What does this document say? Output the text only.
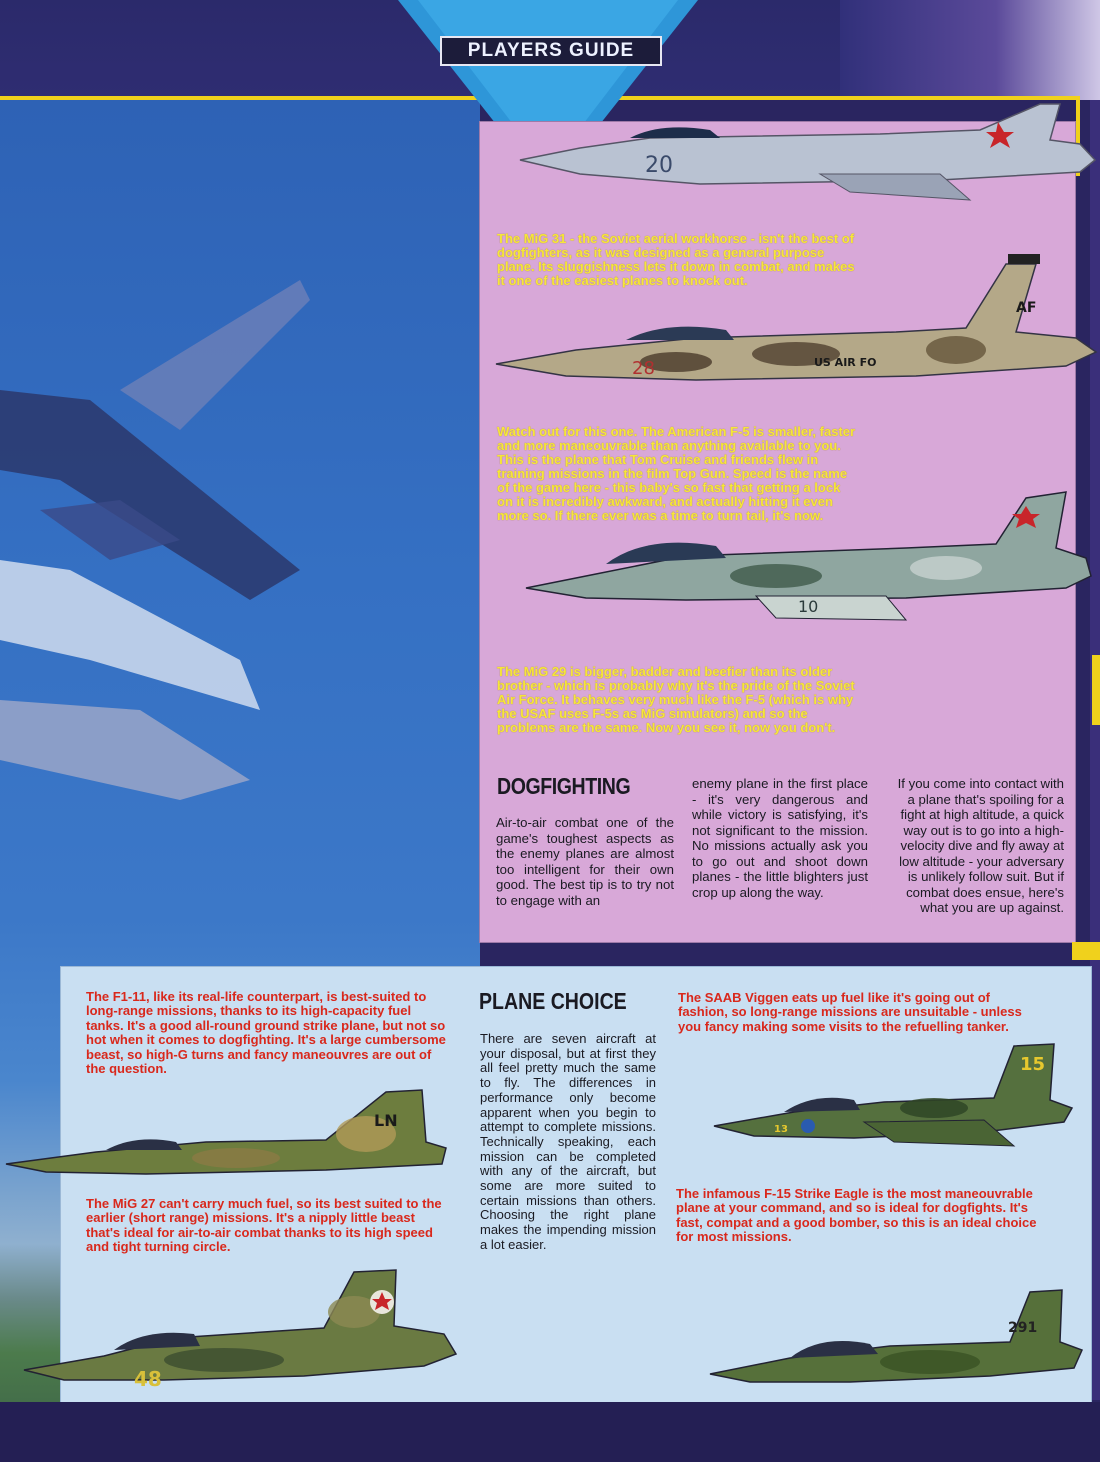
PLAYERS GUIDE
20

The MiG 31 - the Soviet aerial workhorse - isn't the best of dogfighters, as it was designed as a general purpose plane. Its sluggishness lets it down in combat, and makes it one of the easiest planes to knock out.

28	US AIR FO
AF

Watch out for this one. The American F-5 is smaller, faster and more maneouvrable than anything available to you. This is the plane that Tom Cruise and friends flew in training missions in the film Top Gun. Speed is the name of the game here - this baby's so fast that getting a lock on it is incredibly awkward, and actually hitting it even more so. If there ever was a time to turn tail, it's now.

10

The MiG 29 is bigger, badder and beefier than its older brother - which is probably why it's the pride of the Soviet Air Force. It behaves very much like the F-5 (which is why the USAF uses F-5s as MiG simulators) and so the problems are the same. Now you see it, now you don't.

DOGFIGHTING

Air-to-air combat one of the game's toughest aspects as the enemy planes are almost too intelligent for their own good. The best tip is to try not to engage with an

enemy plane in the first place - it's very dangerous and while victory is satisfying, it's not significant to the mission. No missions actually ask you to go out and shoot down planes - the little blighters just crop up along the way.

If you come into contact with a plane that's spoiling for a fight at high altitude, a quick way out is to go into a high-velocity dive and fly away at low altitude - your adversary is unlikely follow suit. But if combat does ensue, here's what you are up against.

The F1-11, like its real-life counterpart, is best-suited to long-range missions, thanks to its high-capacity fuel tanks. It's a good all-round ground strike plane, but not so hot when it comes to dogfighting. It's a large cumbersome beast, so high-G turns and fancy maneouvres are out of the question.

LN

The MiG 27 can't carry much fuel, so its best suited to the earlier (short range) missions. It's a nipply little beast that's ideal for air-to-air combat thanks to its high speed and tight turning circle.

48
PLANE CHOICE

There are seven aircraft at your disposal, but at first they all feel pretty much the same to fly. The differences in performance only become apparent when you begin to attempt to complete missions. Technically speaking, each mission can be completed with any of the aircraft, but some are more suited to certain missions than others. Choosing the right plane makes the impending mission a lot easier.

The SAAB Viggen eats up fuel like it's going out of fashion, so long-range missions are unsuitable - unless you fancy making some visits to the refuelling tanker.

15
13

The infamous F-15 Strike Eagle is the most maneouvrable plane at your command, and so is ideal for dogfights. It's fast, compat and a good bomber, so this is an ideal choice for most missions.

291
